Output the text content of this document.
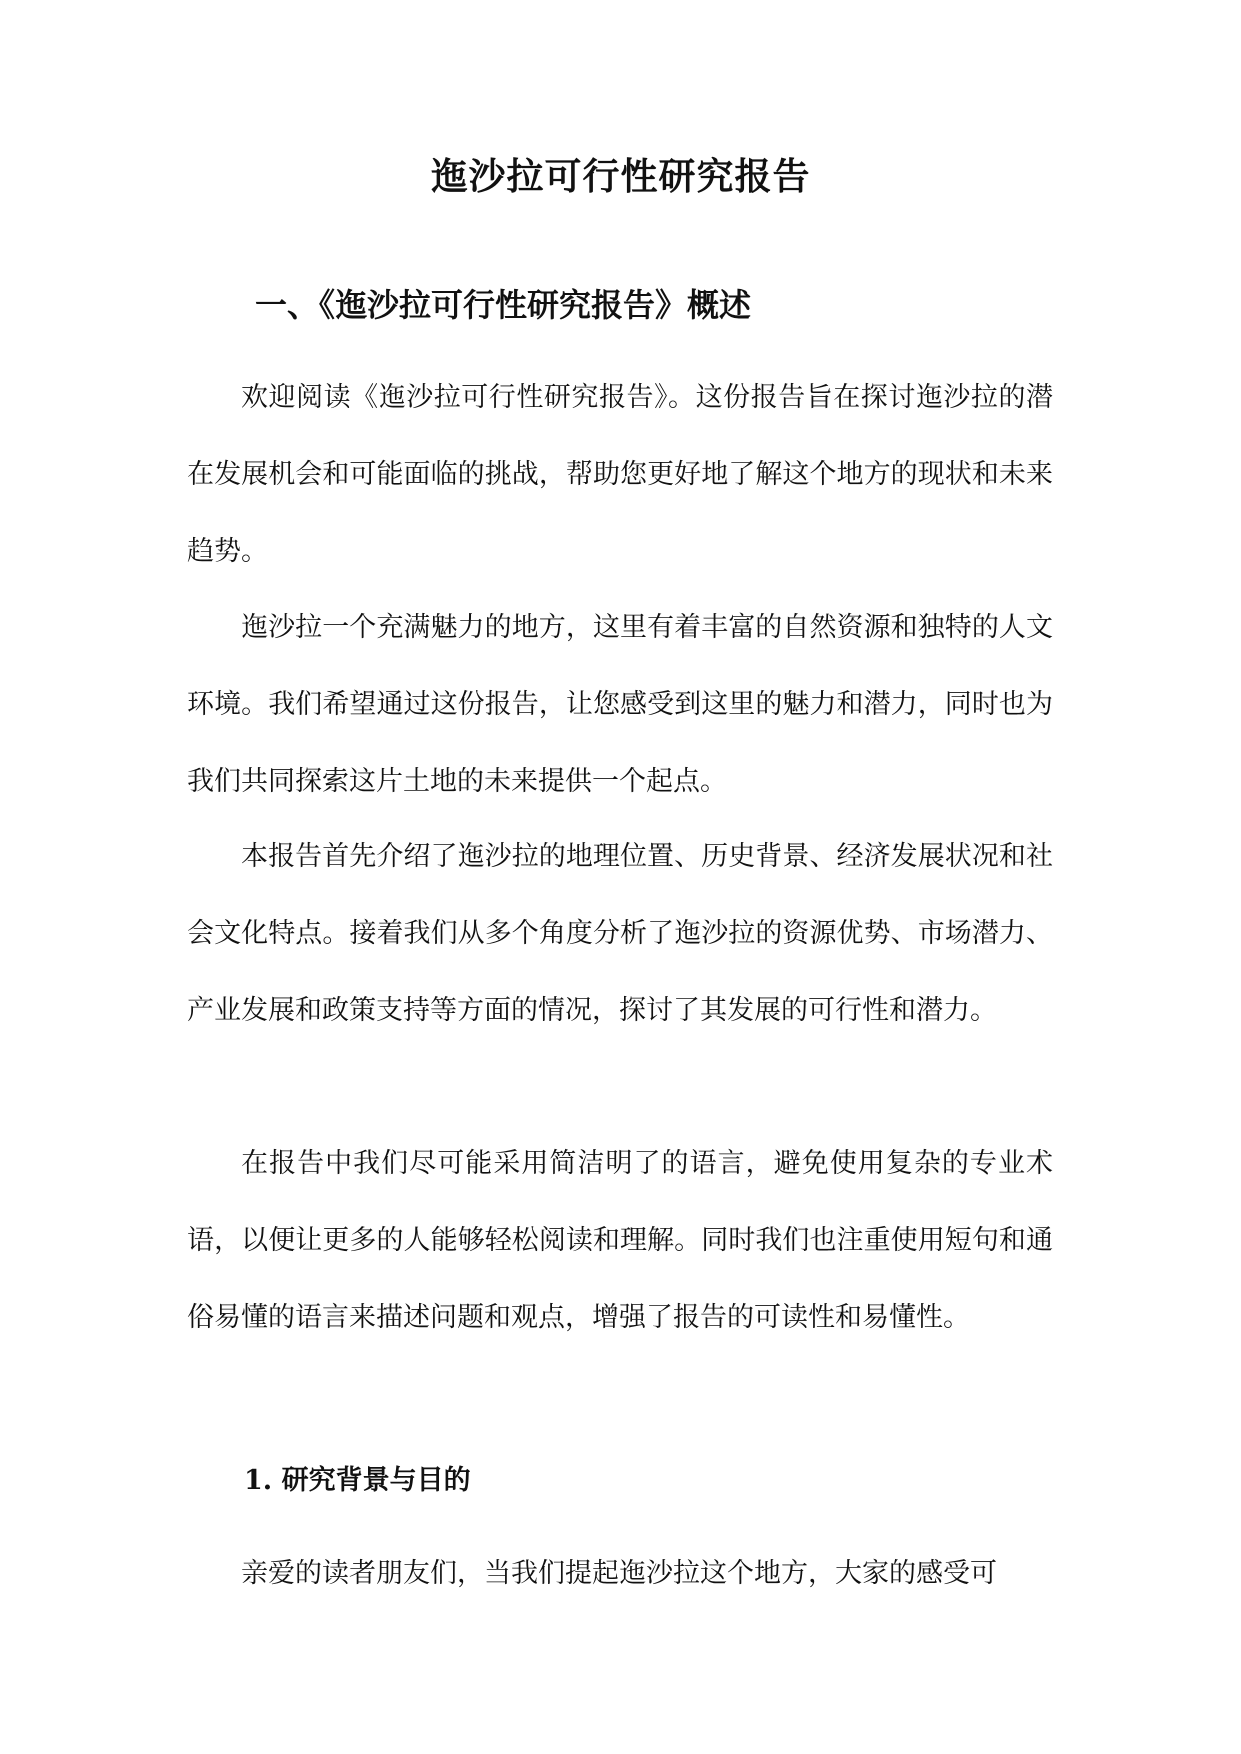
迤沙拉可行性研究报告
一、《迤沙拉可行性研究报告》概述

欢迎阅读《迤沙拉可行性研究报告》。这份报告旨在探讨迤沙拉的潜在发展机会和可能面临的挑战，帮助您更好地了解这个地方的现状和未来趋势。

迤沙拉一个充满魅力的地方，这里有着丰富的自然资源和独特的人文环境。我们希望通过这份报告，让您感受到这里的魅力和潜力，同时也为我们共同探索这片土地的未来提供一个起点。

本报告首先介绍了迤沙拉的地理位置、历史背景、经济发展状况和社会文化特点。接着我们从多个角度分析了迤沙拉的资源优势、市场潜力、产业发展和政策支持等方面的情况，探讨了其发展的可行性和潜力。

在报告中我们尽可能采用简洁明了的语言，避免使用复杂的专业术语，以便让更多的人能够轻松阅读和理解。同时我们也注重使用短句和通俗易懂的语言来描述问题和观点，增强了报告的可读性和易懂性。

1. 研究背景与目的

亲爱的读者朋友们，当我们提起迤沙拉这个地方，大家的感受可
